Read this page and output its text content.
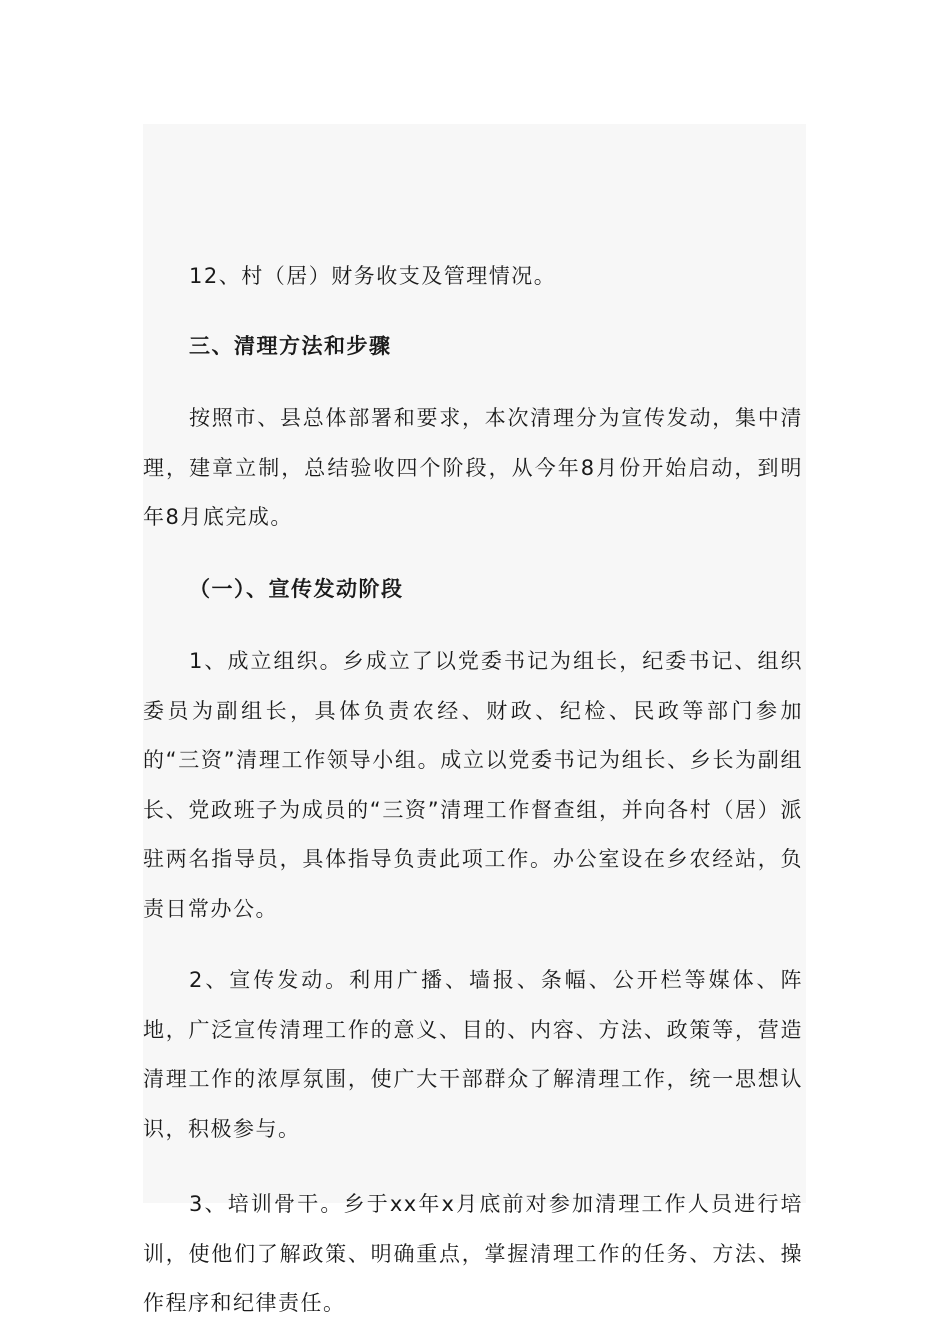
12、村（居）财务收支及管理情况。

三、清理方法和步骤

按照市、县总体部署和要求，本次清理分为宣传发动，集中清理，建章立制，总结验收四个阶段，从今年8月份开始启动，到明年8月底完成。

（一）、宣传发动阶段

1、成立组织。乡成立了以党委书记为组长，纪委书记、组织委员为副组长，具体负责农经、财政、纪检、民政等部门参加的“三资”清理工作领导小组。成立以党委书记为组长、乡长为副组长、党政班子为成员的“三资”清理工作督查组，并向各村（居）派驻两名指导员，具体指导负责此项工作。办公室设在乡农经站，负责日常办公。

2、宣传发动。利用广播、墙报、条幅、公开栏等媒体、阵地，广泛宣传清理工作的意义、目的、内容、方法、政策等，营造清理工作的浓厚氛围，使广大干部群众了解清理工作，统一思想认识，积极参与。

3、培训骨干。乡于xx年x月底前对参加清理工作人员进行培训，使他们了解政策、明确重点，掌握清理工作的任务、方法、操作程序和纪律责任。
